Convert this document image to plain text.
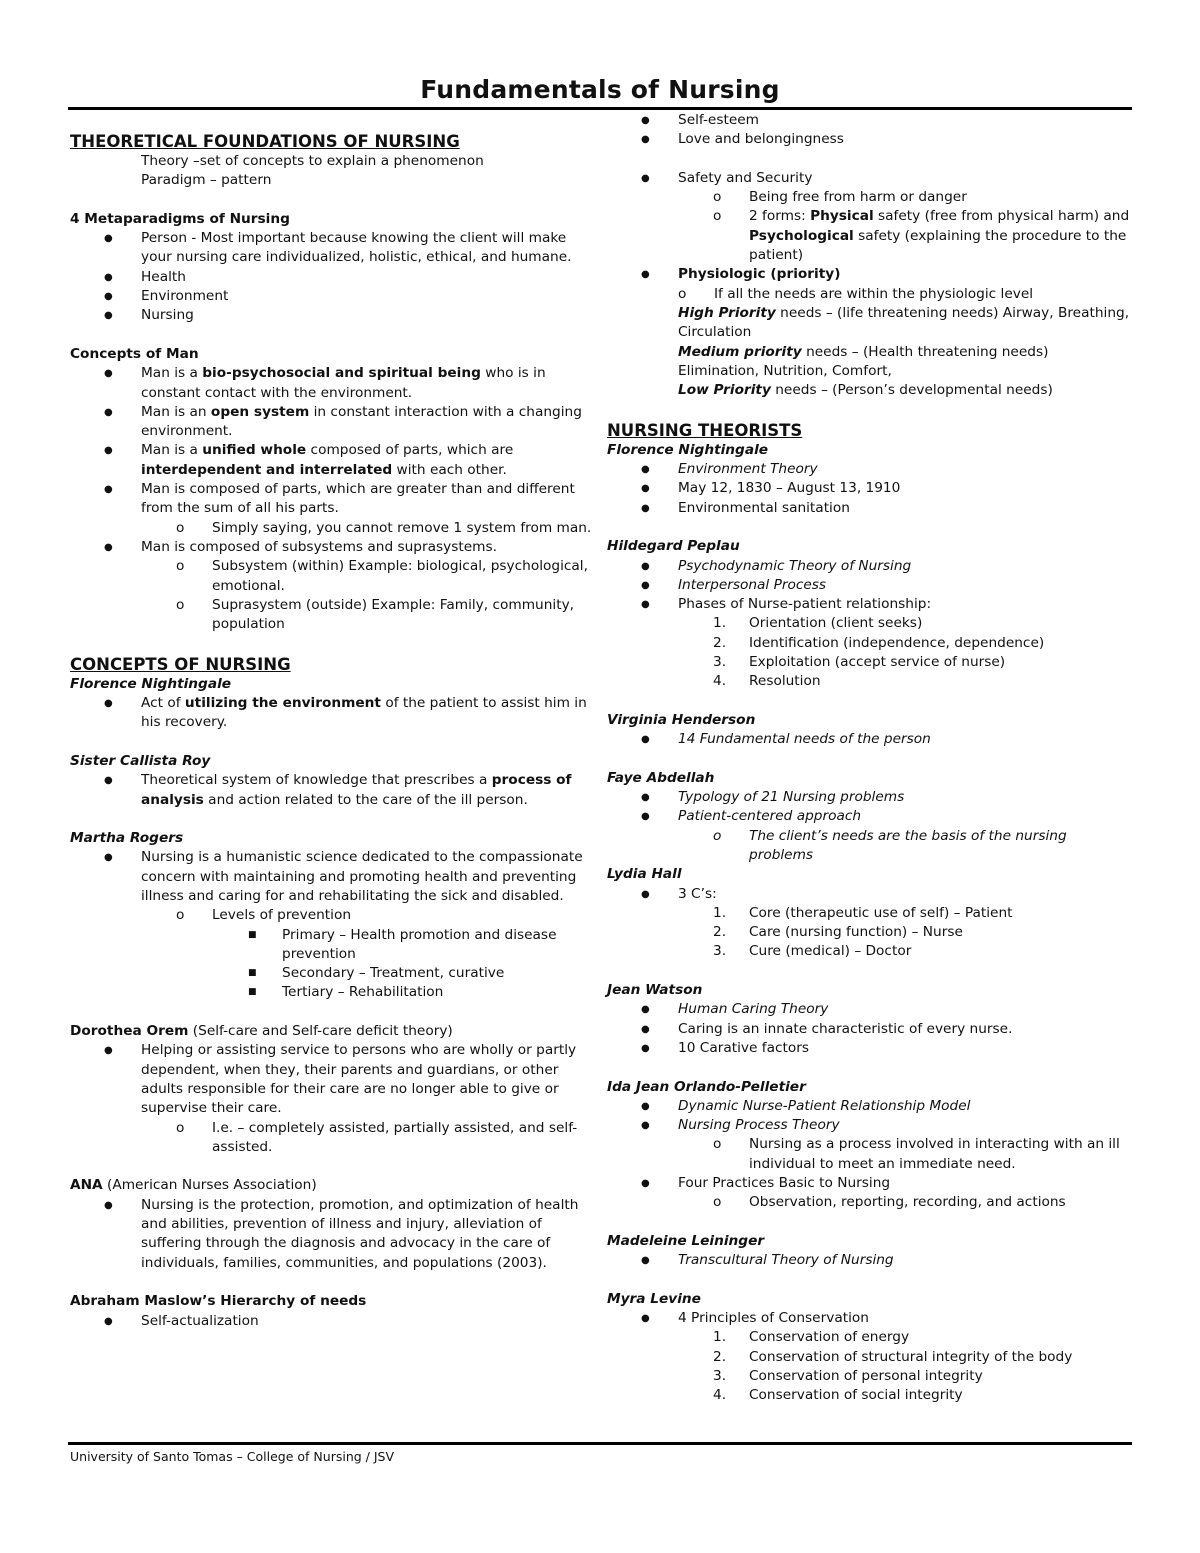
Fundamentals of Nursing
THEORETICAL FOUNDATIONS OF NURSING
Theory –set of concepts to explain a phenomenon
Paradigm – pattern
4 Metaparadigms of Nursing
● Person - Most important because knowing the client will make your nursing care individualized, holistic, ethical, and humane.
● Health
● Environment
● Nursing
Concepts of Man
● Man is a bio-psychosocial and spiritual being who is in constant contact with the environment.
● Man is an open system in constant interaction with a changing environment.
● Man is a unified whole composed of parts, which are interdependent and interrelated with each other.
● Man is composed of parts, which are greater than and different from the sum of all his parts.
o Simply saying, you cannot remove 1 system from man.
● Man is composed of subsystems and suprasystems.
o Subsystem (within) Example: biological, psychological, emotional.
o Suprasystem (outside) Example: Family, community, population
CONCEPTS OF NURSING
Florence Nightingale
● Act of utilizing the environment of the patient to assist him in his recovery.
Sister Callista Roy
● Theoretical system of knowledge that prescribes a process of analysis and action related to the care of the ill person.
Martha Rogers
● Nursing is a humanistic science dedicated to the compassionate concern with maintaining and promoting health and preventing illness and caring for and rehabilitating the sick and disabled.
o Levels of prevention
■ Primary – Health promotion and disease prevention
■ Secondary – Treatment, curative
■ Tertiary – Rehabilitation
Dorothea Orem (Self-care and Self-care deficit theory)
● Helping or assisting service to persons who are wholly or partly dependent, when they, their parents and guardians, or other adults responsible for their care are no longer able to give or supervise their care.
o I.e. – completely assisted, partially assisted, and self-assisted.
ANA (American Nurses Association)
● Nursing is the protection, promotion, and optimization of health and abilities, prevention of illness and injury, alleviation of suffering through the diagnosis and advocacy in the care of individuals, families, communities, and populations (2003).
Abraham Maslow’s Hierarchy of needs
● Self-actualization
● Self-esteem
● Love and belongingness
● Safety and Security
o Being free from harm or danger
o 2 forms: Physical safety (free from physical harm) and Psychological safety (explaining the procedure to the patient)
● Physiologic (priority)
o If all the needs are within the physiologic level
High Priority needs – (life threatening needs) Airway, Breathing, Circulation
Medium priority needs – (Health threatening needs) Elimination, Nutrition, Comfort,
Low Priority needs – (Person’s developmental needs)
NURSING THEORISTS
Florence Nightingale
● Environment Theory
● May 12, 1830 – August 13, 1910
● Environmental sanitation
Hildegard Peplau
● Psychodynamic Theory of Nursing
● Interpersonal Process
● Phases of Nurse-patient relationship:
1. Orientation (client seeks)
2. Identification (independence, dependence)
3. Exploitation (accept service of nurse)
4. Resolution
Virginia Henderson
● 14 Fundamental needs of the person
Faye Abdellah
● Typology of 21 Nursing problems
● Patient-centered approach
o The client’s needs are the basis of the nursing problems
Lydia Hall
● 3 C’s:
1. Core (therapeutic use of self) – Patient
2. Care (nursing function) – Nurse
3. Cure (medical) – Doctor
Jean Watson
● Human Caring Theory
● Caring is an innate characteristic of every nurse.
● 10 Carative factors
Ida Jean Orlando-Pelletier
● Dynamic Nurse-Patient Relationship Model
● Nursing Process Theory
o Nursing as a process involved in interacting with an ill individual to meet an immediate need.
● Four Practices Basic to Nursing
o Observation, reporting, recording, and actions
Madeleine Leininger
● Transcultural Theory of Nursing
Myra Levine
● 4 Principles of Conservation
1. Conservation of energy
2. Conservation of structural integrity of the body
3. Conservation of personal integrity
4. Conservation of social integrity
University of Santo Tomas – College of Nursing / JSV
